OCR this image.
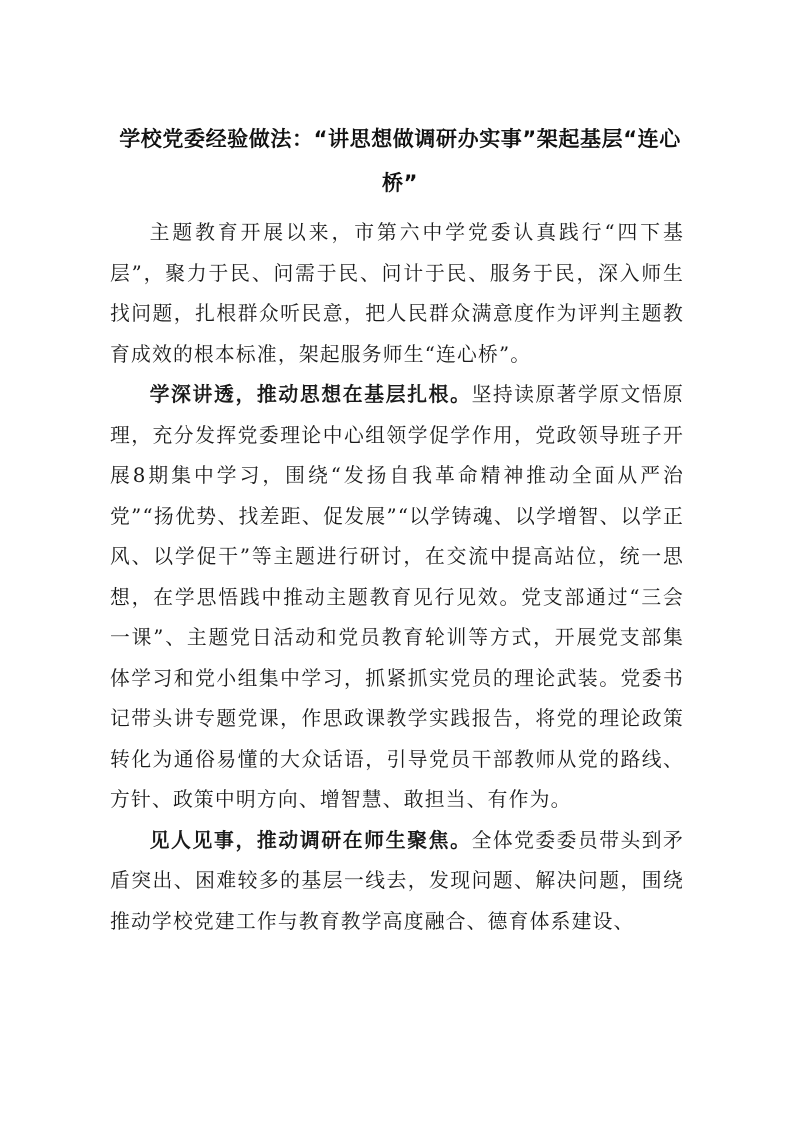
学校党委经验做法：“讲思想做调研办实事”架起基层“连心桥”

主题教育开展以来，市第六中学党委认真践行“四下基层”，聚力于民、问需于民、问计于民、服务于民，深入师生找问题，扎根群众听民意，把人民群众满意度作为评判主题教育成效的根本标准，架起服务师生“连心桥”。

学深讲透，推动思想在基层扎根。坚持读原著学原文悟原理，充分发挥党委理论中心组领学促学作用，党政领导班子开展8期集中学习，围绕“发扬自我革命精神推动全面从严治党”“扬优势、找差距、促发展”“以学铸魂、以学增智、以学正风、以学促干”等主题进行研讨，在交流中提高站位，统一思想，在学思悟践中推动主题教育见行见效。党支部通过“三会一课”、主题党日活动和党员教育轮训等方式，开展党支部集体学习和党小组集中学习，抓紧抓实党员的理论武装。党委书记带头讲专题党课，作思政课教学实践报告，将党的理论政策转化为通俗易懂的大众话语，引导党员干部教师从党的路线、方针、政策中明方向、增智慧、敢担当、有作为。

见人见事，推动调研在师生聚焦。全体党委委员带头到矛盾突出、困难较多的基层一线去，发现问题、解决问题，围绕推动学校党建工作与教育教学高度融合、德育体系建设、
